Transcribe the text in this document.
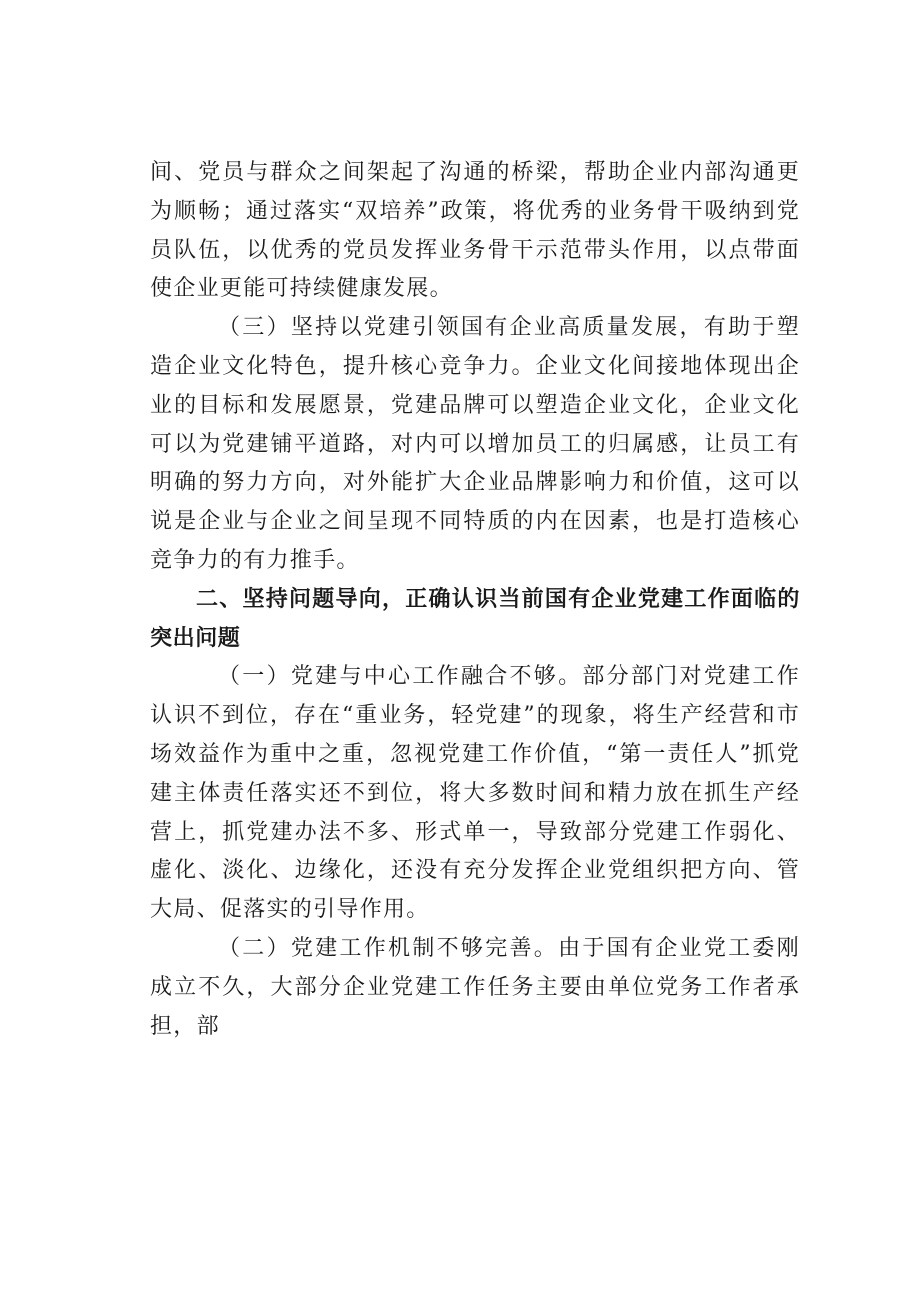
间、党员与群众之间架起了沟通的桥梁，帮助企业内部沟通更为顺畅；通过落实“双培养”政策，将优秀的业务骨干吸纳到党员队伍，以优秀的党员发挥业务骨干示范带头作用，以点带面使企业更能可持续健康发展。

（三）坚持以党建引领国有企业高质量发展，有助于塑造企业文化特色，提升核心竞争力。企业文化间接地体现出企业的目标和发展愿景，党建品牌可以塑造企业文化，企业文化可以为党建铺平道路，对内可以增加员工的归属感，让员工有明确的努力方向，对外能扩大企业品牌影响力和价值，这可以说是企业与企业之间呈现不同特质的内在因素，也是打造核心竞争力的有力推手。

二、坚持问题导向，正确认识当前国有企业党建工作面临的突出问题

（一）党建与中心工作融合不够。部分部门对党建工作认识不到位，存在“重业务，轻党建”的现象，将生产经营和市场效益作为重中之重，忽视党建工作价值，“第一责任人”抓党建主体责任落实还不到位，将大多数时间和精力放在抓生产经营上，抓党建办法不多、形式单一，导致部分党建工作弱化、虚化、淡化、边缘化，还没有充分发挥企业党组织把方向、管大局、促落实的引导作用。

（二）党建工作机制不够完善。由于国有企业党工委刚成立不久，大部分企业党建工作任务主要由单位党务工作者承担，部
